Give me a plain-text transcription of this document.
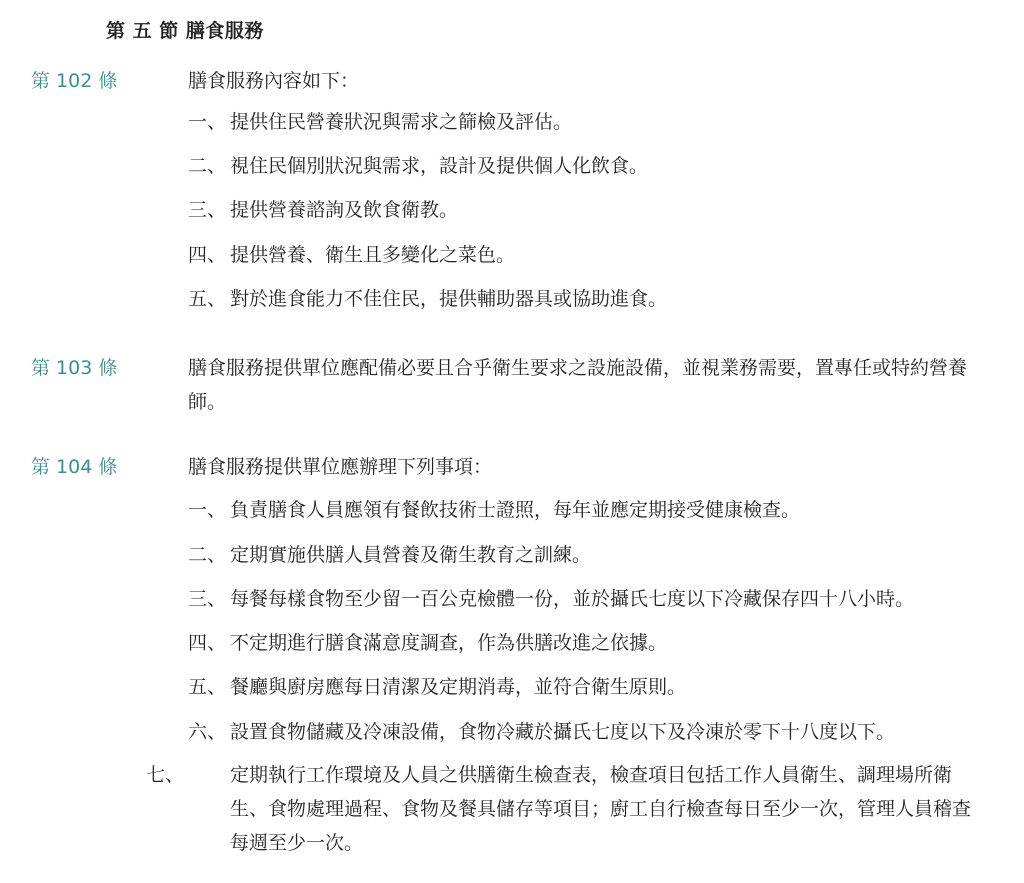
第 五 節 膳食服務
第 102 條	膳食服務內容如下：
一、 提供住民營養狀況與需求之篩檢及評估。
二、 視住民個別狀況與需求，設計及提供個人化飲食。
三、 提供營養諮詢及飲食衛教。
四、 提供營養、衛生且多變化之菜色。
五、 對於進食能力不佳住民，提供輔助器具或協助進食。
第 103 條	膳食服務提供單位應配備必要且合乎衛生要求之設施設備，並視業務需要，置專任或特約營養師。
第 104 條	膳食服務提供單位應辦理下列事項：
一、 負責膳食人員應領有餐飲技術士證照，每年並應定期接受健康檢查。
二、 定期實施供膳人員營養及衛生教育之訓練。
三、 每餐每樣食物至少留一百公克檢體一份，並於攝氏七度以下冷藏保存四十八小時。
四、 不定期進行膳食滿意度調查，作為供膳改進之依據。
五、 餐廳與廚房應每日清潔及定期消毒，並符合衛生原則。
六、 設置食物儲藏及冷凍設備，食物冷藏於攝氏七度以下及冷凍於零下十八度以下。
七、 定期執行工作環境及人員之供膳衛生檢查表，檢查項目包括工作人員衛生、調理場所衛生、食物處理過程、食物及餐具儲存等項目；廚工自行檢查每日至少一次，管理人員稽查每週至少一次。
